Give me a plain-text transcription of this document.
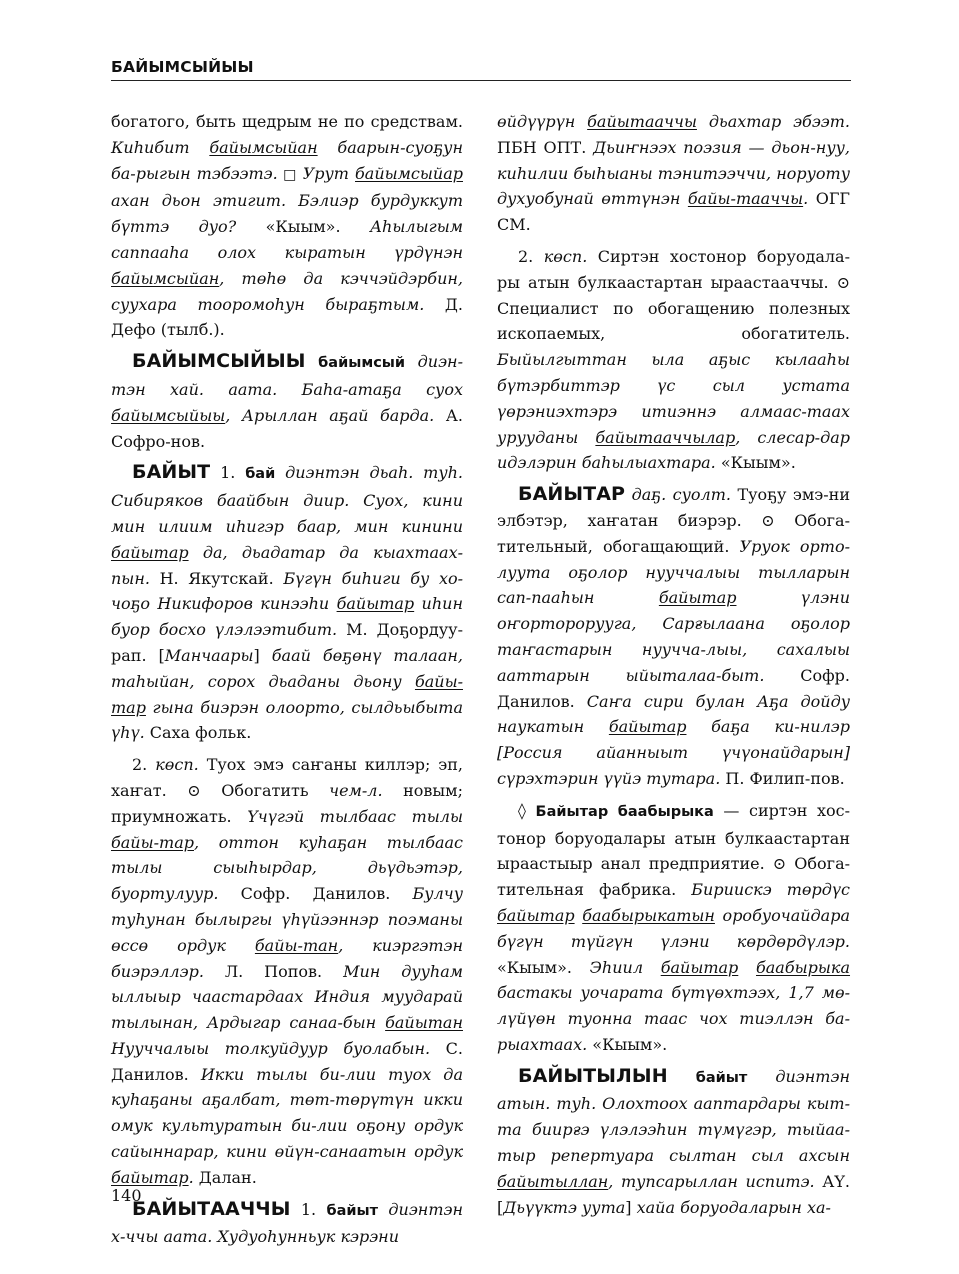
БАЙЫМСЫЙЫЫ

богатого, быть щедрым не по средствам. Киһибит байымсыйан баарын-суоҕун ба-рыгын тэбээтэ. □ Урут байымсыйар ахан дьон этигит. Бэлиэр бурдуккут бүттэ дуо? «Кыым». Аһылыгым саппааһа олох кыратын үрдүнэн байымсыйан, төһө да кэччэйдэрбин, суухара тооромоһун быраҕтым. Д. Дефо (тылб.).

БАЙЫМСЫЙЫЫ байымсый диэн-тэн хай. аата. Баһа-атаҕа суох байымсыйыы, Арыллан аҕай барда. А. Софро-нов.

БАЙЫТ 1. бай диэнтэн дьаһ. туһ. Сибиряков баайбын диир. Суох, кини мин илиим иһигэр баар, мин кинини байытар да, дьадатар да кыахтаах-пын. Н. Якутскай. Бүгүн биһиги бу хо-чоҕо Никифоров кинээһи байытар иһин буор босхо үлэлээтибит. М. Доҕордуу-рап. [Манчаары] баай бөҕөнү талаан, таһыйан, сорох дьаданы дьону байы-тар гына биэрэн олоорто, сылдьыбыта үһү. Саха фольк.

2. көсп. Туох эмэ саҥаны киллэр; эп, хаҥат. ⊙ Обогатить чем-л. новым; приумножать. Үчүгэй тылбаас тылы байы-тар, оттон куһаҕан тылбаас тылы сыыһырдар, дьүдьэтэр, буортулуур. Софр. Данилов. Булчу туһунан былыргы үһүйээннэр поэманы өссө ордук байы-тан, киэргэтэн биэрэллэр. Л. Попов. Мин дууһам ыллыыр чаастардаах Индия муударай тылынан, Ардыгар санаа-бын байытан Нууччалыы толкуйдуур буолабын. С. Данилов. Икки тылы би-лии туох да куһаҕаны аҕалбат, төт-төрүтүн икки омук культуратын би-лии оҕону ордук сайыннарар, кини өйүн-санаатын ордук байытар. Далан.

БАЙЫТААЧЧЫ 1. байыт диэнтэн х-ччы аата. Худуоһунньук кэрэни

өйдүүрүн байытааччы дьахтар эбээт. ПБН ОПТ. Дьиҥнээх поэзия — дьон-нуу, киһилии быһыаны тэнитээччи, норуоту духуобунай өттүнэн байы-тааччы. ОГГ СМ.

2. көсп. Сиртэн хостонор боруодала-ры атын булкаастартан ыраастааччы. ⊙ Специалист по обогащению полезных ископаемых, обогатитель. Быйылгыттан ыла аҕыс кылааһы бүтэрбиттэр үс сыл устата үөрэниэхтэрэ итиэннэ алмаас-таах урууданы байытааччылар, слесар-дар идэлэрин баһылыахтара. «Кыым».

БАЙЫТАР даҕ. суолт. Туоҕу эмэ-ни элбэтэр, хаҥатан биэрэр. ⊙ Обога-тительный, обогащающий. Уруок орто-луута оҕолор нууччалыы тылларын сап-пааһын байытар үлэни оҥорторорууга, Сарғылаана оҕолор таҥастарын нуучча-лыы, сахалыы ааттарын ыйыталаа-быт. Софр. Данилов. Саҥа сири булан Аҕа дойду наукатын байытар баҕа ки-нилэр [Россия айанныыт үчүонайдарын] сүрэхтэрин үүйэ тутара. П. Филип-пов.

◊ Байытар баабырыка — сиртэн хос-тонор боруодалары атын булкаастартан ыраастыыр анал предприятие. ⊙ Обога-тительная фабрика. Бириискэ төрдүс байытар баабырыкатын оробуочайдара бүгүн түйгүн үлэни көрдөрдүлэр. «Кыым». Эһиил байытар баабырыка бастакы уочарата бүтүөхтээх, 1,7 мө-лүйүөн туонна таас чох тиэллэн ба-рыахтаах. «Кыым».

БАЙЫТЫЛЫН байыт диэнтэн атын. туһ. Олохтоох аaптардары кыт-та биирғэ үлэлээһин түмүгэр, тыйаа-тыр репертуара сылтан сыл ахсын байытыллан, тупсарыллан испитэ. АҮ. [Дьүүктэ уута] хайа боруодаларын ха-

140
